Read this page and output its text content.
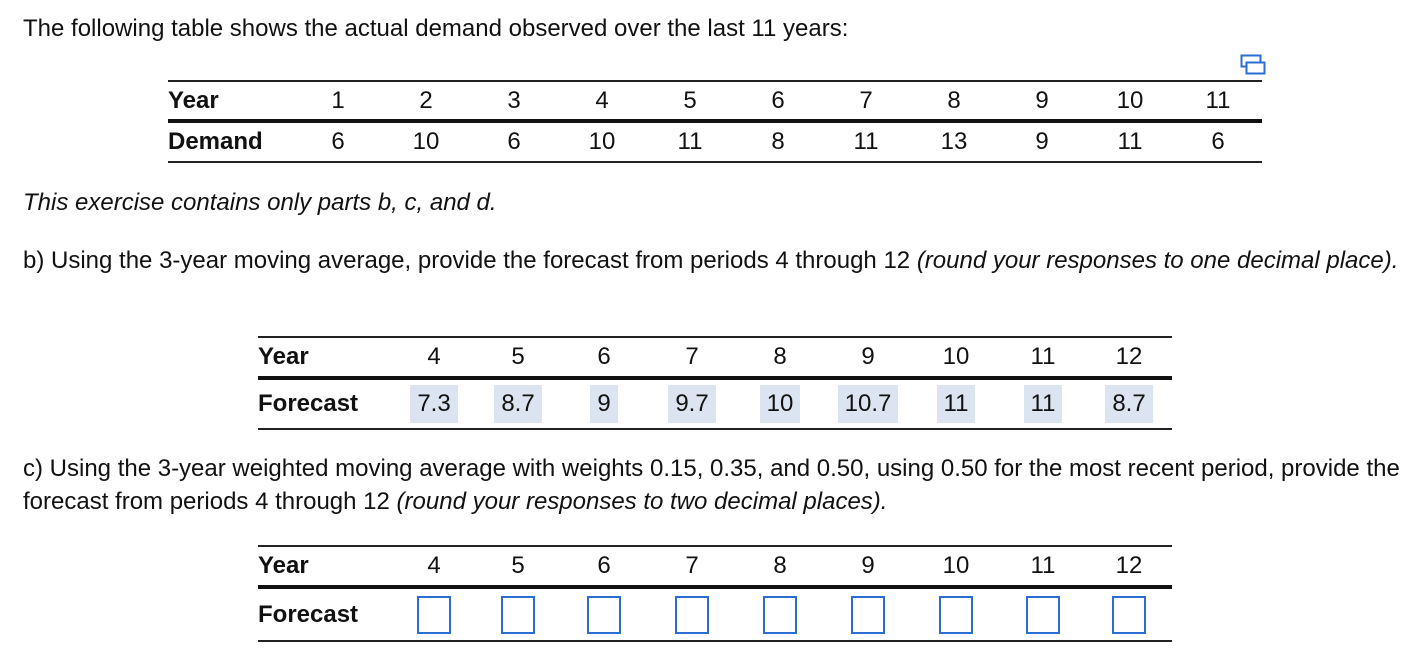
The following table shows the actual demand observed over the last 11 years:
Year	1	2	3	4	5	6	7	8	9	10	11
Demand	6	10	6	10	11	8	11	13	9	11	6
This exercise contains only parts b, c, and d.
b) Using the 3-year moving average, provide the forecast from periods 4 through 12 (round your responses to one decimal place).
Year	4	5	6	7	8	9	10	11	12
Forecast	7.3	8.7	9	9.7	10	10.7	11	11	8.7
c) Using the 3-year weighted moving average with weights 0.15, 0.35, and 0.50, using 0.50 for the most recent period, provide the forecast from periods 4 through 12 (round your responses to two decimal places).
Year	4	5	6	7	8	9	10	11	12
Forecast									
